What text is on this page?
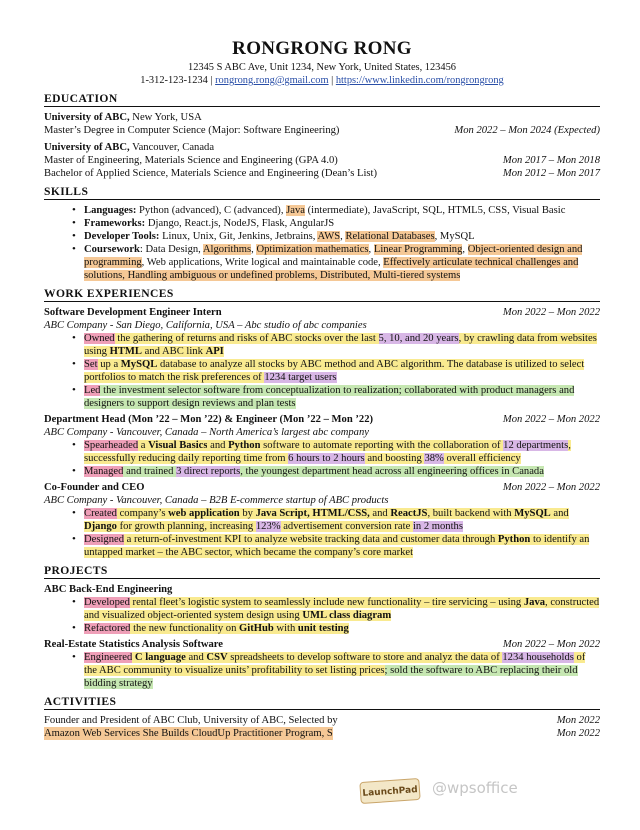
RONGRONG RONG
12345 S ABC Ave, Unit 1234, New York, United States, 123456
1-312-123-1234 | rongrong.rong@gmail.com | https://www.linkedin.com/rongrongrong
EDUCATION
University of ABC, New York, USA
Master’s Degree in Computer Science (Major: Software Engineering)	Mon 2022 – Mon 2024 (Expected)
University of ABC, Vancouver, Canada
Master of Engineering, Materials Science and Engineering (GPA 4.0)	Mon 2017 – Mon 2018
Bachelor of Applied Science, Materials Science and Engineering (Dean’s List)	Mon 2012 – Mon 2017
SKILLS
• Languages: Python (advanced), C (advanced), Java (intermediate), JavaScript, SQL, HTML5, CSS, Visual Basic
• Frameworks: Django, React.js, NodeJS, Flask, AngularJS
• Developer Tools: Linux, Unix, Git, Jenkins, Jetbrains, AWS, Relational Databases, MySQL
• Coursework: Data Design, Algorithms, Optimization mathematics, Linear Programming, Object-oriented design and programming, Web applications, Write logical and maintainable code, Effectively articulate technical challenges and solutions, Handling ambiguous or undefined problems, Distributed, Multi-tiered systems
WORK EXPERIENCES
Software Development Engineer Intern	Mon 2022 – Mon 2022
ABC Company - San Diego, California, USA – Abc studio of abc companies
• Owned the gathering of returns and risks of ABC stocks over the last 5, 10, and 20 years, by crawling data from websites using HTML and ABC link API
• Set up a MySQL database to analyze all stocks by ABC method and ABC algorithm. The database is utilized to select portfolios to match the risk preferences of 1234 target users
• Led the investment selector software from conceptualization to realization; collaborated with product managers and designers to support design reviews and plan tests
Department Head (Mon ’22 – Mon ’22) & Engineer (Mon ’22 – Mon ’22)	Mon 2022 – Mon 2022
ABC Company - Vancouver, Canada – North America’s largest abc company
• Spearheaded a Visual Basics and Python software to automate reporting with the collaboration of 12 departments, successfully reducing daily reporting time from 6 hours to 2 hours and boosting 38% overall efficiency
• Managed and trained 3 direct reports, the youngest department head across all engineering offices in Canada
Co-Founder and CEO	Mon 2022 – Mon 2022
ABC Company - Vancouver, Canada – B2B E-commerce startup of ABC products
• Created company’s web application by Java Script, HTML/CSS, and ReactJS, built backend with MySQL and Django for growth planning, increasing 123% advertisement conversion rate in 2 months
• Designed a return-of-investment KPI to analyze website tracking data and customer data through Python to identify an untapped market – the ABC sector, which became the company’s core market
PROJECTS
ABC Back-End Engineering
• Developed rental fleet’s logistic system to seamlessly include new functionality – tire servicing – using Java, constructed and visualized object-oriented system design using UML class diagram
• Refactored the new functionality on GitHub with unit testing
Real-Estate Statistics Analysis Software	Mon 2022 – Mon 2022
• Engineered C language and CSV spreadsheets to develop software to store and analyz the data of 1234 households of the ABC community to visualize units’ profitability to set listing prices; sold the software to ABC replacing their old bidding strategy
ACTIVITIES
Founder and President of ABC Club, University of ABC, Selected by	Mon 2022
Amazon Web Services She Builds CloudUp Practitioner Program, S	Mon 2022
LaunchPad @wpsoffice
